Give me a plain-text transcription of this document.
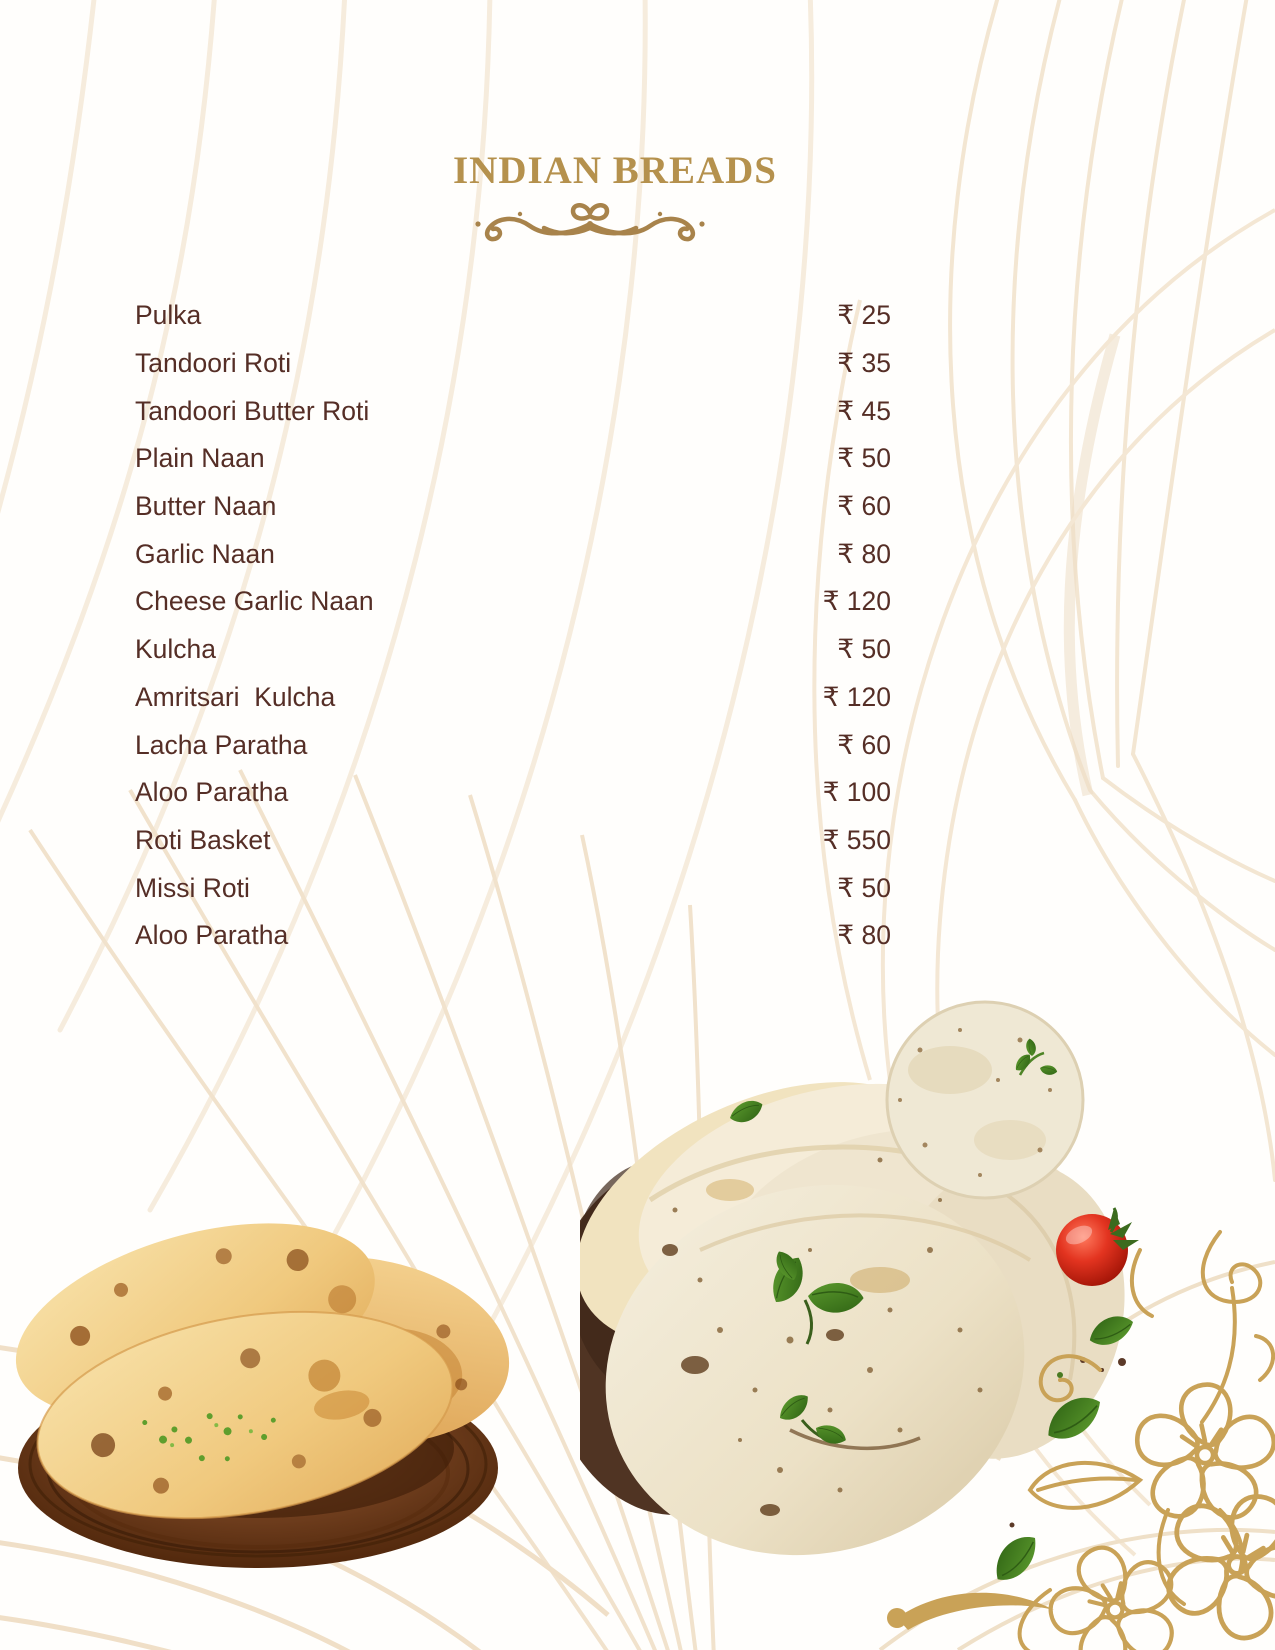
INDIAN BREADS
Pulka	₹ 25
Tandoori Roti	₹ 35
Tandoori Butter Roti	₹ 45
Plain Naan	₹ 50
Butter Naan	₹ 60
Garlic Naan	₹ 80
Cheese Garlic Naan	₹ 120
Kulcha	₹ 50
Amritsari  Kulcha	₹ 120
Lacha Paratha	₹ 60
Aloo Paratha	₹ 100
Roti Basket	₹ 550
Missi Roti	₹ 50
Aloo Paratha	₹ 80
